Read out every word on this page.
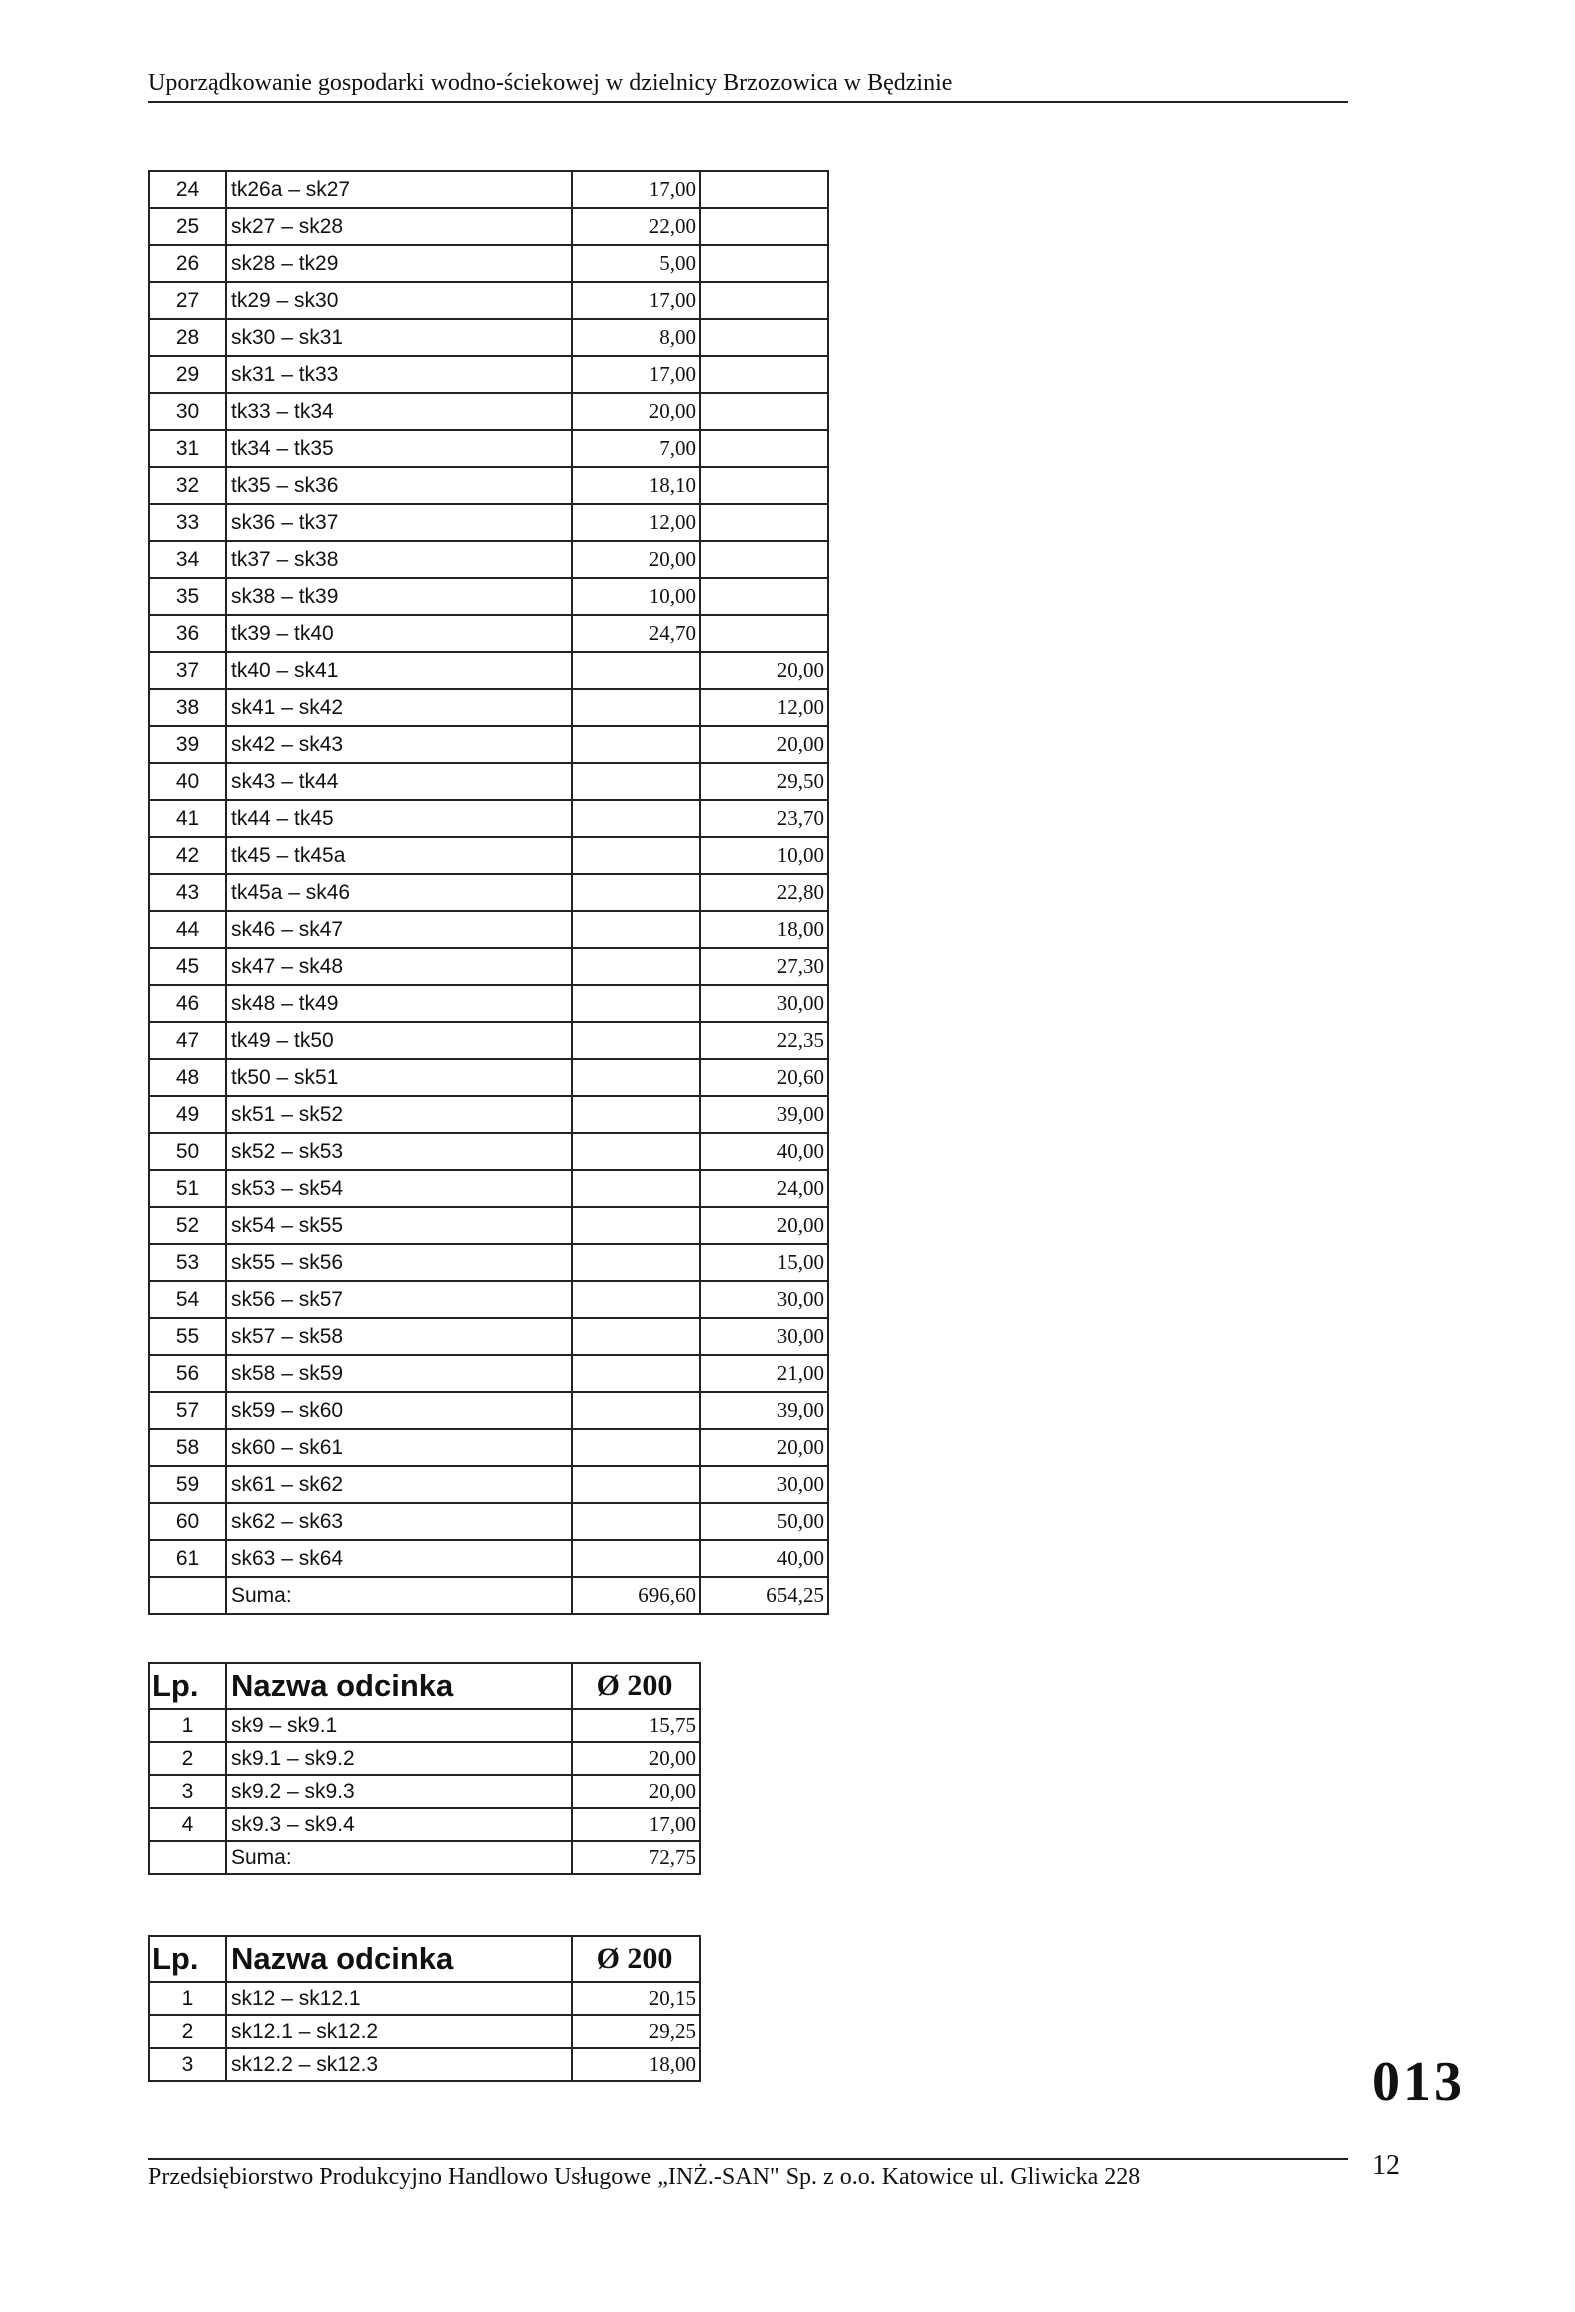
Uporządkowanie gospodarki wodno-ściekowej w dzielnicy Brzozowica w Będzinie
24	tk26a – sk27	17,00	
25	sk27 – sk28	22,00	
26	sk28 – tk29	5,00	
27	tk29 – sk30	17,00	
28	sk30 – sk31	8,00	
29	sk31 – tk33	17,00	
30	tk33 – tk34	20,00	
31	tk34 – tk35	7,00	
32	tk35 – sk36	18,10	
33	sk36 – tk37	12,00	
34	tk37 – sk38	20,00	
35	sk38 – tk39	10,00	
36	tk39 – tk40	24,70	
37	tk40 – sk41		20,00
38	sk41 – sk42		12,00
39	sk42 – sk43		20,00
40	sk43 – tk44		29,50
41	tk44 – tk45		23,70
42	tk45 – tk45a		10,00
43	tk45a – sk46		22,80
44	sk46 – sk47		18,00
45	sk47 – sk48		27,30
46	sk48 – tk49		30,00
47	tk49 – tk50		22,35
48	tk50 – sk51		20,60
49	sk51 – sk52		39,00
50	sk52 – sk53		40,00
51	sk53 – sk54		24,00
52	sk54 – sk55		20,00
53	sk55 – sk56		15,00
54	sk56 – sk57		30,00
55	sk57 – sk58		30,00
56	sk58 – sk59		21,00
57	sk59 – sk60		39,00
58	sk60 – sk61		20,00
59	sk61 – sk62		30,00
60	sk62 – sk63		50,00
61	sk63 – sk64		40,00
	Suma:	696,60	654,25
Lp.	Nazwa odcinka	Ø 200
1	sk9 – sk9.1	15,75
2	sk9.1 – sk9.2	20,00
3	sk9.2 – sk9.3	20,00
4	sk9.3 – sk9.4	17,00
	Suma:	72,75
Lp.	Nazwa odcinka	Ø 200
1	sk12 – sk12.1	20,15
2	sk12.1 – sk12.2	29,25
3	sk12.2 – sk12.3	18,00	013
Przedsiębiorstwo Produkcyjno Handlowo Usługowe „INŻ.-SAN" Sp. z o.o. Katowice ul. Gliwicka 228	12
